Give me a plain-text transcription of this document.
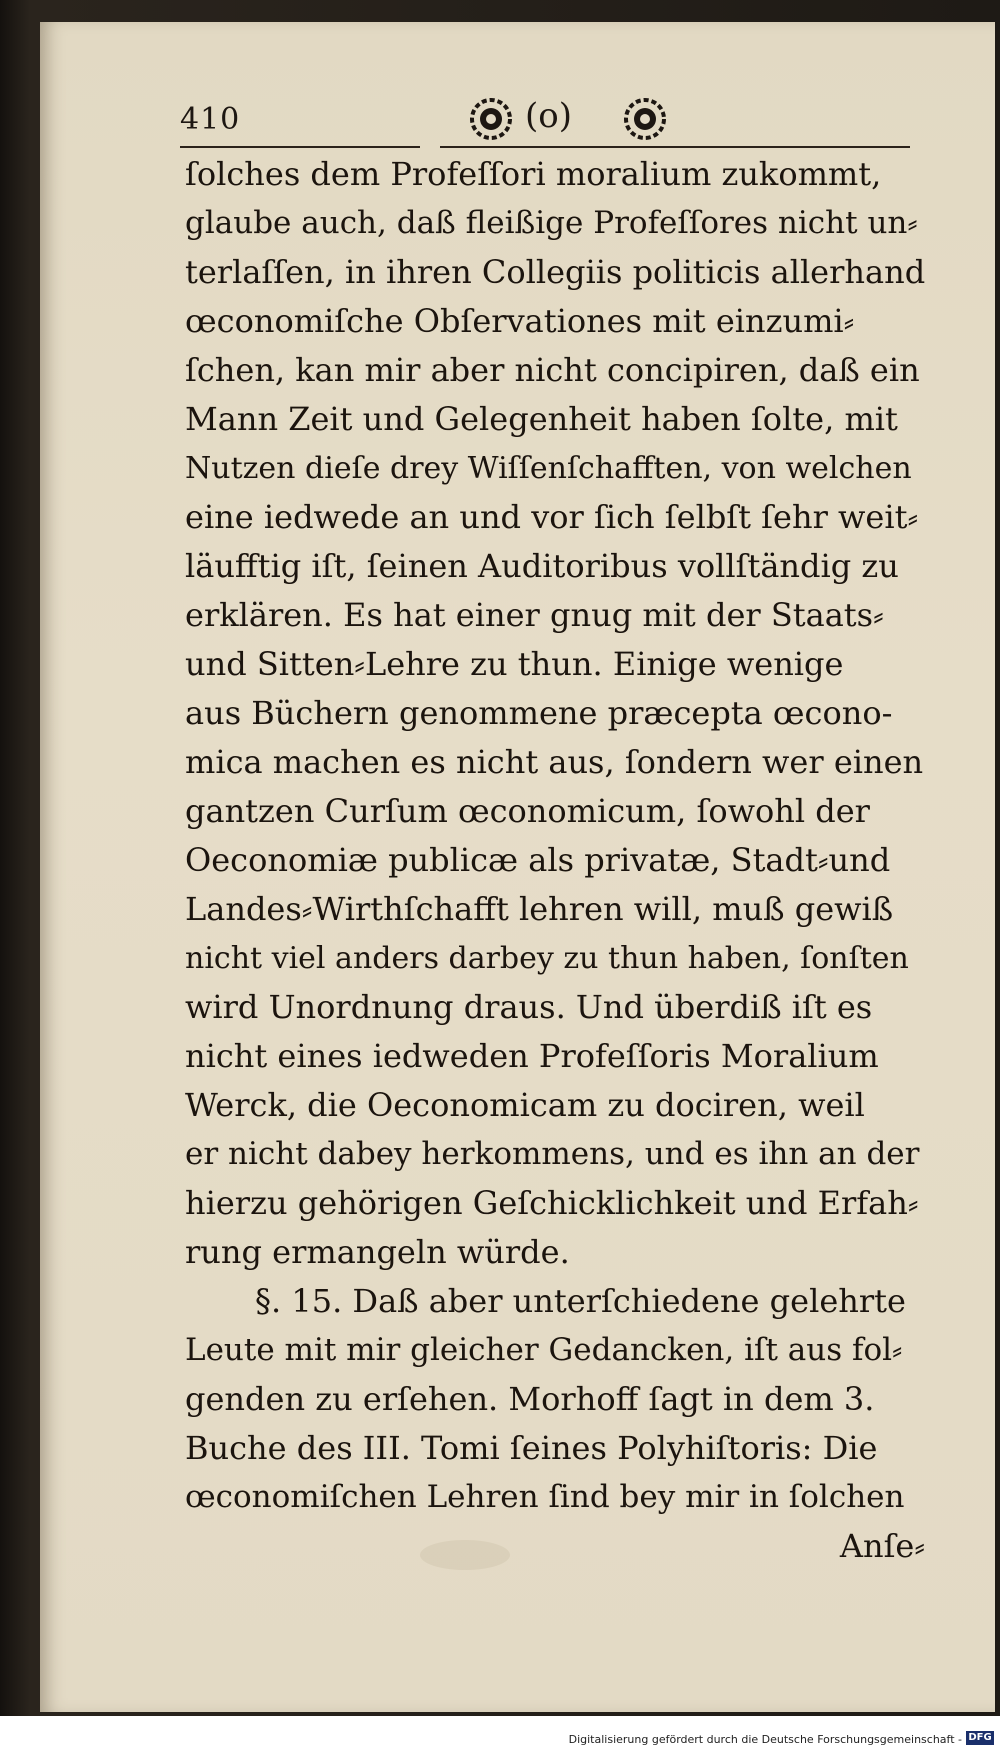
410	(o)
ſolches dem Profeſſori moralium zukommt,
glaube auch, daß fleißige Profeſſores nicht un⸗
terlaſſen, in ihren Collegiis politicis allerhand
œconomiſche Obſervationes mit einzumi⸗
ſchen, kan mir aber nicht concipiren, daß ein
Mann Zeit und Gelegenheit haben ſolte, mit
Nutzen dieſe drey Wiſſenſchafften, von welchen
eine iedwede an und vor ſich ſelbſt ſehr weit⸗
läufftig iſt, ſeinen Auditoribus vollſtändig zu
erklären. Es hat einer gnug mit der Staats⸗
und Sitten⸗Lehre zu thun. Einige wenige
aus Büchern genommene præcepta œcono-
mica machen es nicht aus, ſondern wer einen
gantzen Curſum œconomicum, ſowohl der
Oeconomiæ publicæ als privatæ, Stadt⸗und
Landes⸗Wirthſchafft lehren will, muß gewiß
nicht viel anders darbey zu thun haben, ſonſten
wird Unordnung draus. Und überdiß iſt es
nicht eines iedweden Profeſſoris Moralium
Werck, die Oeconomicam zu dociren, weil
er nicht dabey herkommens, und es ihn an der
hierzu gehörigen Geſchicklichkeit und Erfah⸗
rung ermangeln würde.
§. 15. Daß aber unterſchiedene gelehrte
Leute mit mir gleicher Gedancken, iſt aus fol⸗
genden zu erſehen. Morhoff ſagt in dem 3.
Buche des III. Tomi ſeines Polyhiſtoris: Die
œconomiſchen Lehren ſind bey mir in ſolchen
Anſe⸗
Digitalisierung gefördert durch die Deutsche Forschungsgemeinschaft - DFG
